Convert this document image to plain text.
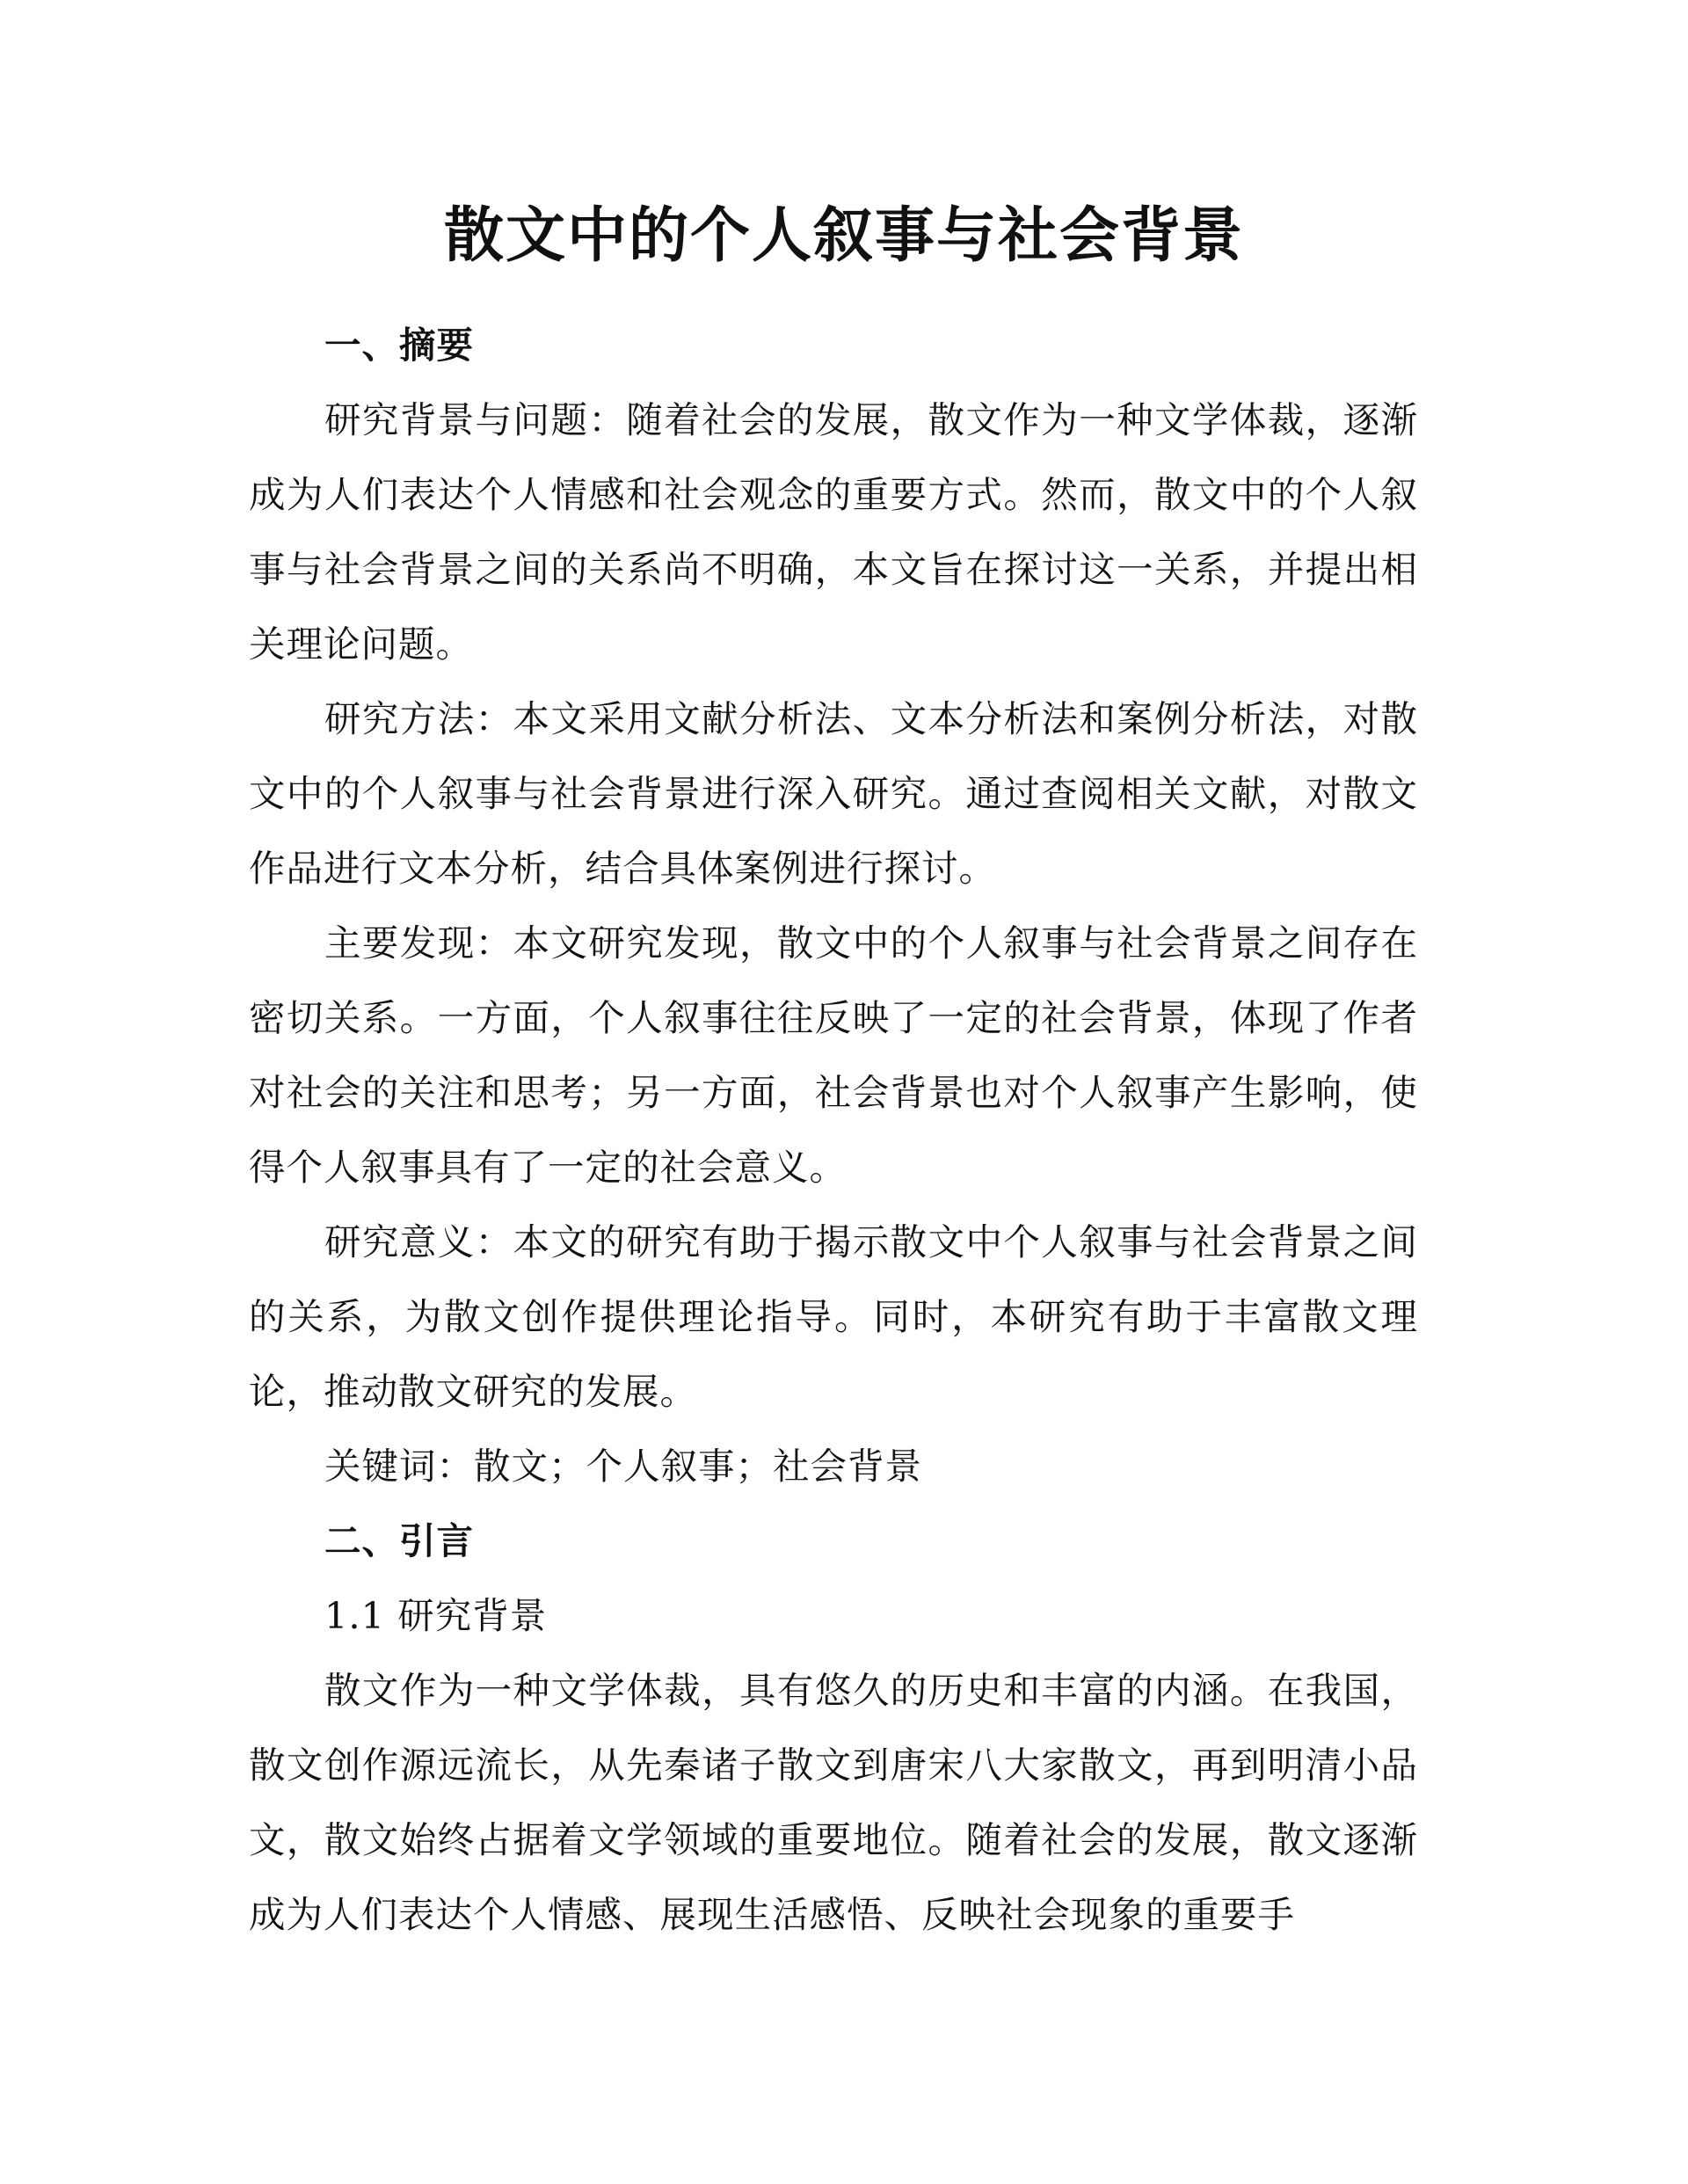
散文中的个人叙事与社会背景

一、摘要

研究背景与问题：随着社会的发展，散文作为一种文学体裁，逐渐成为人们表达个人情感和社会观念的重要方式。然而，散文中的个人叙事与社会背景之间的关系尚不明确，本文旨在探讨这一关系，并提出相关理论问题。

研究方法：本文采用文献分析法、文本分析法和案例分析法，对散文中的个人叙事与社会背景进行深入研究。通过查阅相关文献，对散文作品进行文本分析，结合具体案例进行探讨。

主要发现：本文研究发现，散文中的个人叙事与社会背景之间存在密切关系。一方面，个人叙事往往反映了一定的社会背景，体现了作者对社会的关注和思考；另一方面，社会背景也对个人叙事产生影响，使得个人叙事具有了一定的社会意义。

研究意义：本文的研究有助于揭示散文中个人叙事与社会背景之间的关系，为散文创作提供理论指导。同时，本研究有助于丰富散文理论，推动散文研究的发展。

关键词：散文；个人叙事；社会背景

二、引言

1.1 研究背景

散文作为一种文学体裁，具有悠久的历史和丰富的内涵。在我国，散文创作源远流长，从先秦诸子散文到唐宋八大家散文，再到明清小品文，散文始终占据着文学领域的重要地位。随着社会的发展，散文逐渐成为人们表达个人情感、展现生活感悟、反映社会现象的重要手
